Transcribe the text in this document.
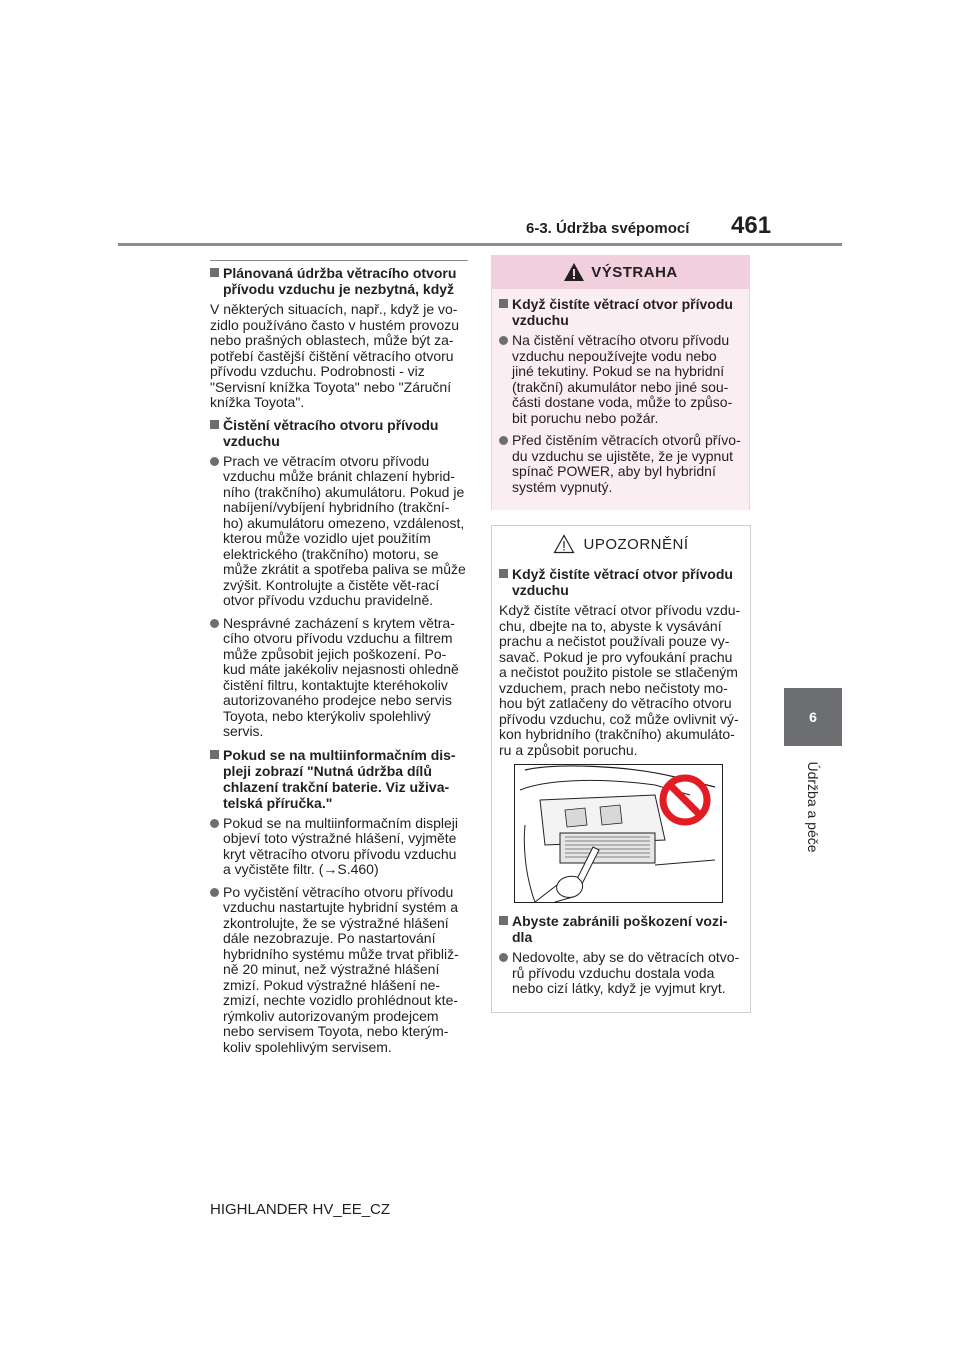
6-3. Údržba svépomocí 461
6
Údržba a péče
Plánovaná údržba větracího otvoru přívodu vzduchu je nezbytná, když

V některých situacích, např., když je vo-zidlo používáno často v hustém provozu nebo prašných oblastech, může být za-potřebí častější čištění větracího otvoru přívodu vzduchu. Podrobnosti - viz "Servisní knížka Toyota" nebo "Záruční knížka Toyota".

Čistění větracího otvoru přívodu vzduchu
Prach ve větracím otvoru přívodu vzduchu může bránit chlazení hybrid-ního (trakčního) akumulátoru. Pokud je nabíjení/vybíjení hybridního (trakční-ho) akumulátoru omezeno, vzdálenost, kterou může vozidlo ujet použitím elektrického (trakčního) motoru, se může zkrátit a spotřeba paliva se může zvýšit. Kontrolujte a čistěte vět-rací otvor přívodu vzduchu pravidelně.
Nesprávné zacházení s krytem větra-cího otvoru přívodu vzduchu a filtrem může způsobit jejich poškození. Po-kud máte jakékoliv nejasnosti ohledně čistění filtru, kontaktujte kteréhokoliv autorizovaného prodejce nebo servis Toyota, nebo kterýkoliv spolehlivý servis.
Pokud se na multiinformačním dis-pleji zobrazí "Nutná údržba dílů chlazení trakční baterie. Viz uživa-telská příručka."
Pokud se na multiinformačním displeji objeví toto výstražné hlášení, vyjměte kryt větracího otvoru přívodu vzduchu a vyčistěte filtr. (→S.460)
Po vyčistění větracího otvoru přívodu vzduchu nastartujte hybridní systém a zkontrolujte, že se výstražné hlášení dále nezobrazuje. Po nastartování hybridního systému může trvat přibliž-ně 20 minut, než výstražné hlášení zmizí. Pokud výstražné hlášení ne-zmizí, nechte vozidlo prohlédnout kte-rýmkoliv autorizovaným prodejcem nebo servisem Toyota, nebo kterým-koliv spolehlivým servisem.
VÝSTRAHA
Když čistíte větrací otvor přívodu vzduchu
Na čistění větracího otvoru přívodu vzduchu nepoužívejte vodu nebo jiné tekutiny. Pokud se na hybridní (trakční) akumulátor nebo jiné sou-části dostane voda, může to způso-bit poruchu nebo požár.
Před čistěním větracích otvorů přívo-du vzduchu se ujistěte, že je vypnut spínač POWER, aby byl hybridní systém vypnutý.
UPOZORNĚNÍ
Když čistíte větrací otvor přívodu vzduchu

Když čistíte větrací otvor přívodu vzdu-chu, dbejte na to, abyste k vysávání prachu a nečistot používali pouze vy-savač. Pokud je pro vyfoukání prachu a nečistot použito pistole se stlačeným vzduchem, prach nebo nečistoty mo-hou být zatlačeny do větracího otvoru přívodu vzduchu, což může ovlivnit vý-kon hybridního (trakčního) akumuláto-ru a způsobit poruchu.

Abyste zabránili poškození vozi-dla
Nedovolte, aby se do větracích otvo-rů přívodu vzduchu dostala voda nebo cizí látky, když je vyjmut kryt.
HIGHLANDER HV_EE_CZ
